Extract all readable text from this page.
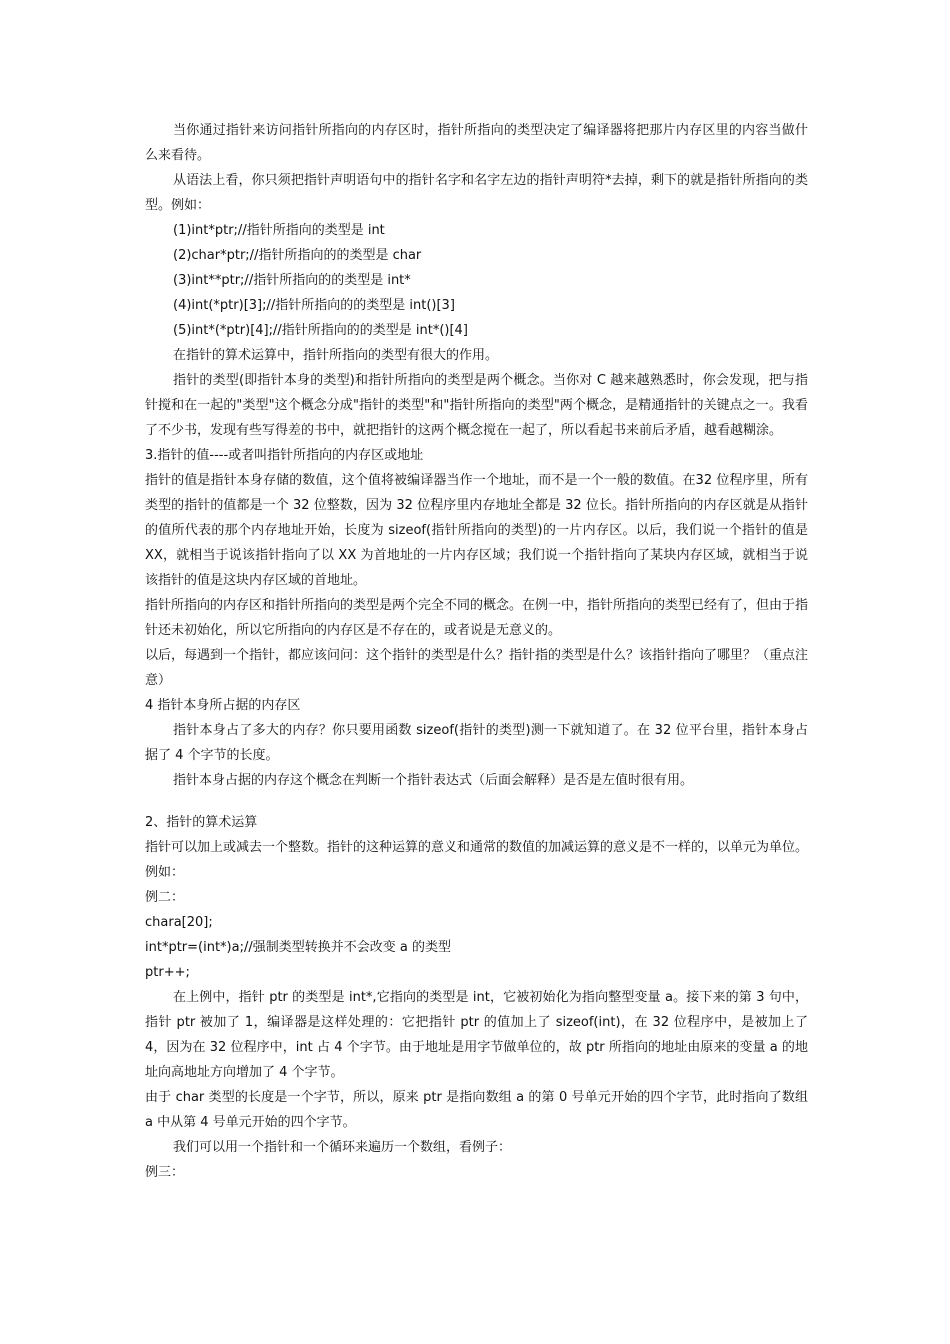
当你通过指针来访问指针所指向的内存区时，指针所指向的类型决定了编译器将把那片内存区里的内容当做什么来看待。

从语法上看，你只须把指针声明语句中的指针名字和名字左边的指针声明符*去掉，剩下的就是指针所指向的类型。例如：

(1)int*ptr;//指针所指向的类型是 int

(2)char*ptr;//指针所指向的的类型是 char

(3)int**ptr;//指针所指向的的类型是 int*

(4)int(*ptr)[3];//指针所指向的的类型是 int()[3]

(5)int*(*ptr)[4];//指针所指向的的类型是 int*()[4]

在指针的算术运算中，指针所指向的类型有很大的作用。

指针的类型(即指针本身的类型)和指针所指向的类型是两个概念。当你对 C 越来越熟悉时，你会发现，把与指针搅和在一起的"类型"这个概念分成"指针的类型"和"指针所指向的类型"两个概念，是精通指针的关键点之一。我看了不少书，发现有些写得差的书中，就把指针的这两个概念搅在一起了，所以看起书来前后矛盾，越看越糊涂。

3.指针的值----或者叫指针所指向的内存区或地址

指针的值是指针本身存储的数值，这个值将被编译器当作一个地址，而不是一个一般的数值。在32 位程序里，所有类型的指针的值都是一个 32 位整数，因为 32 位程序里内存地址全都是 32 位长。指针所指向的内存区就是从指针的值所代表的那个内存地址开始，长度为 sizeof(指针所指向的类型)的一片内存区。以后，我们说一个指针的值是 XX，就相当于说该指针指向了以 XX 为首地址的一片内存区域；我们说一个指针指向了某块内存区域，就相当于说该指针的值是这块内存区域的首地址。

指针所指向的内存区和指针所指向的类型是两个完全不同的概念。在例一中，指针所指向的类型已经有了，但由于指针还未初始化，所以它所指向的内存区是不存在的，或者说是无意义的。

以后，每遇到一个指针，都应该问问：这个指针的类型是什么？指针指的类型是什么？该指针指向了哪里？（重点注意）

4 指针本身所占据的内存区

指针本身占了多大的内存？你只要用函数 sizeof(指针的类型)测一下就知道了。在 32 位平台里，指针本身占据了 4 个字节的长度。

指针本身占据的内存这个概念在判断一个指针表达式（后面会解释）是否是左值时很有用。

2、指针的算术运算

指针可以加上或减去一个整数。指针的这种运算的意义和通常的数值的加减运算的意义是不一样的，以单元为单位。例如：

例二：

chara[20];

int*ptr=(int*)a;//强制类型转换并不会改变 a 的类型

ptr++;

在上例中，指针 ptr 的类型是 int*,它指向的类型是 int，它被初始化为指向整型变量 a。接下来的第 3 句中，指针 ptr 被加了 1，编译器是这样处理的：它把指针 ptr 的值加上了 sizeof(int)，在 32 位程序中，是被加上了 4，因为在 32 位程序中，int 占 4 个字节。由于地址是用字节做单位的，故 ptr 所指向的地址由原来的变量 a 的地址向高地址方向增加了 4 个字节。

由于 char 类型的长度是一个字节，所以，原来 ptr 是指向数组 a 的第 0 号单元开始的四个字节，此时指向了数组 a 中从第 4 号单元开始的四个字节。

我们可以用一个指针和一个循环来遍历一个数组，看例子：

例三：
